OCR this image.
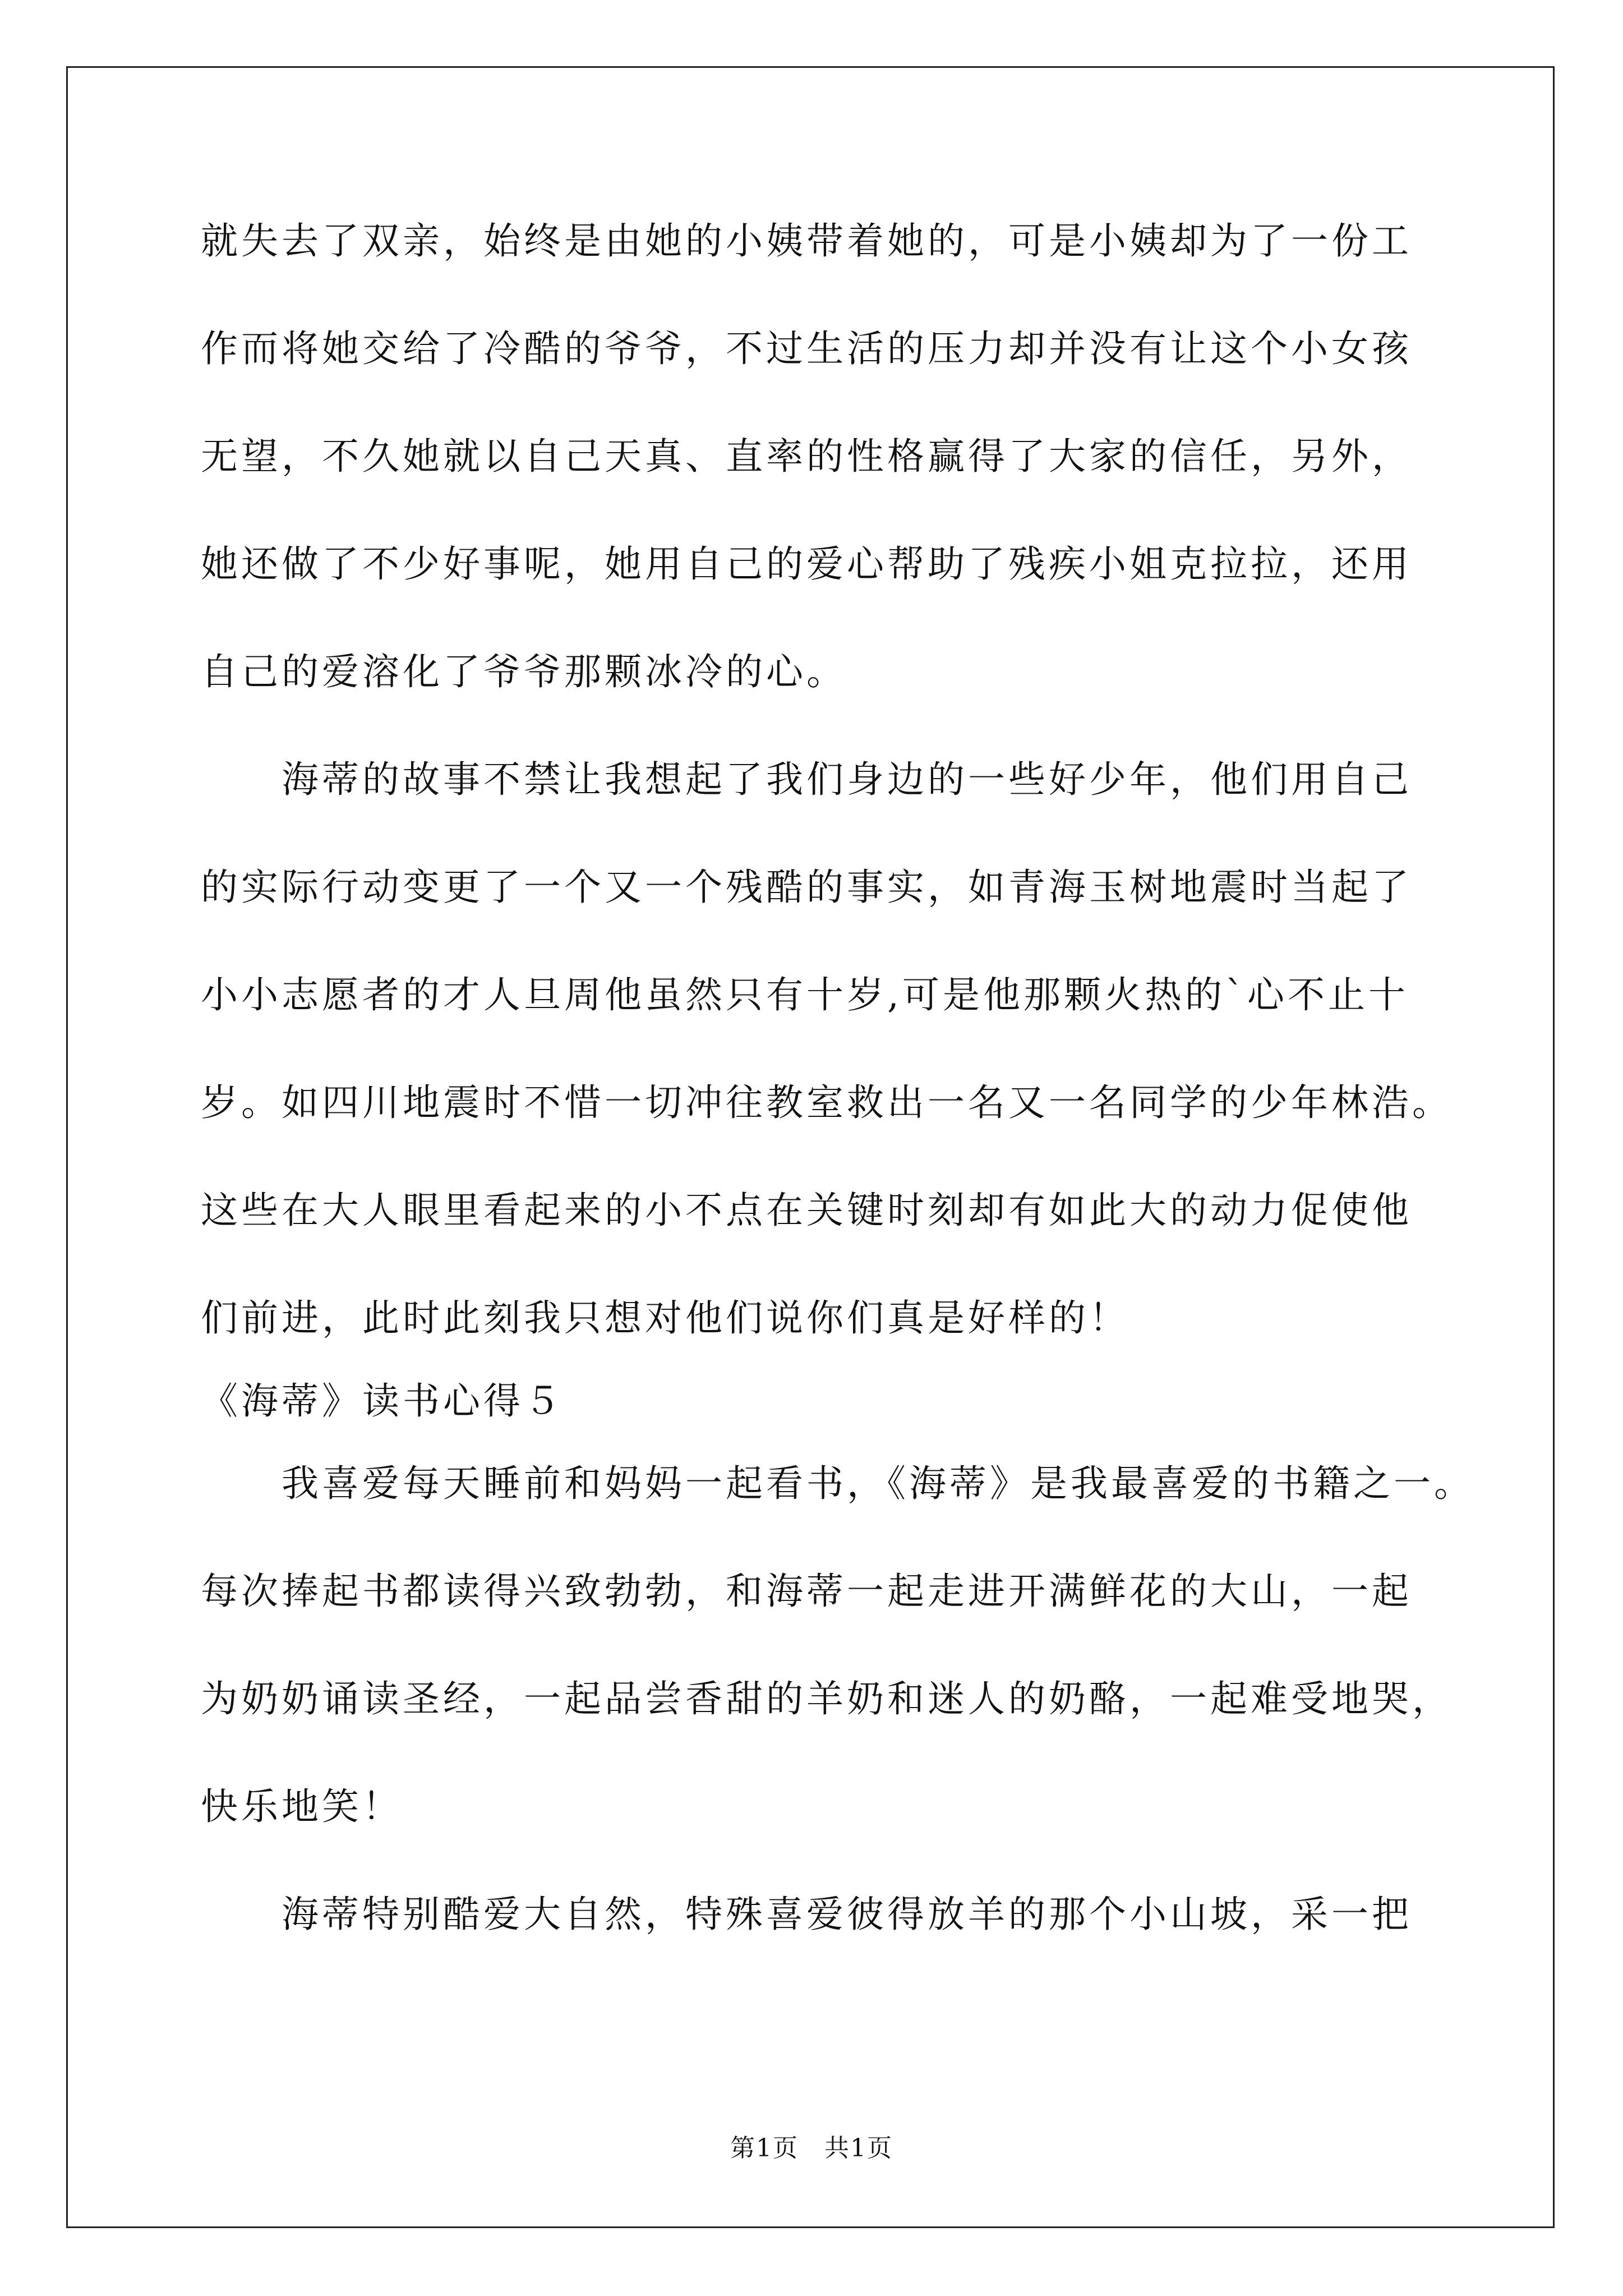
就失去了双亲，始终是由她的小姨带着她的，可是小姨却为了一份工
作而将她交给了冷酷的爷爷，不过生活的压力却并没有让这个小女孩
无望，不久她就以自己天真、直率的性格赢得了大家的信任，另外，
她还做了不少好事呢，她用自己的爱心帮助了残疾小姐克拉拉，还用
自己的爱溶化了爷爷那颗冰冷的心。
　　海蒂的故事不禁让我想起了我们身边的一些好少年，他们用自己
的实际行动变更了一个又一个残酷的事实，如青海玉树地震时当起了
小小志愿者的才人旦周他虽然只有十岁,可是他那颗火热的`心不止十
岁。如四川地震时不惜一切冲往教室救出一名又一名同学的少年林浩。
这些在大人眼里看起来的小不点在关键时刻却有如此大的动力促使他
们前进，此时此刻我只想对他们说你们真是好样的！
《海蒂》读书心得５
　　我喜爱每天睡前和妈妈一起看书，《海蒂》是我最喜爱的书籍之一。
每次捧起书都读得兴致勃勃，和海蒂一起走进开满鲜花的大山，一起
为奶奶诵读圣经，一起品尝香甜的羊奶和迷人的奶酪，一起难受地哭，
快乐地笑！
　　海蒂特别酷爱大自然，特殊喜爱彼得放羊的那个小山坡，采一把
第1页　共1页
